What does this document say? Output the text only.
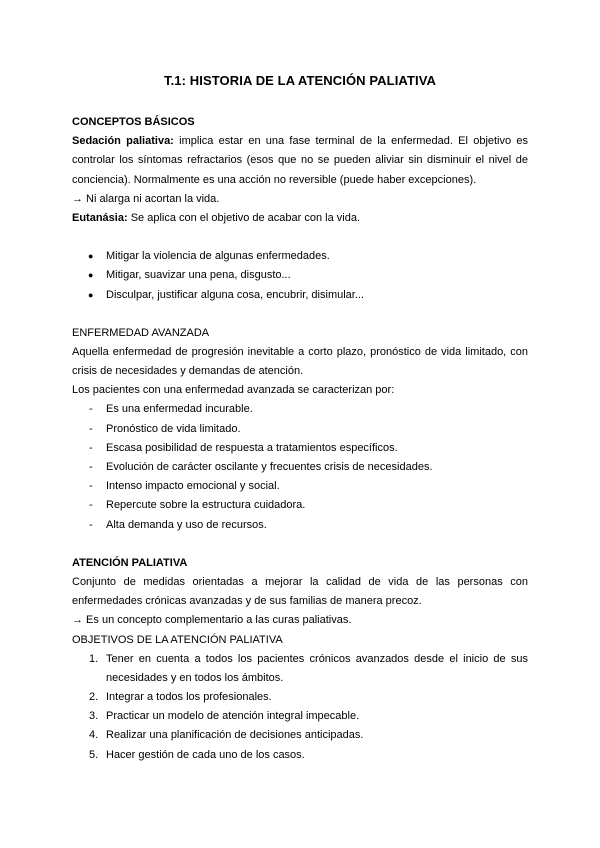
T.1: HISTORIA DE LA ATENCIÓN PALIATIVA
CONCEPTOS BÁSICOS
Sedación paliativa: implica estar en una fase terminal de la enfermedad. El objetivo es
controlar los síntomas refractarios (esos que no se pueden aliviar sin disminuir el nivel de
conciencia). Normalmente es una acción no reversible (puede haber excepciones).
→ Ni alarga ni acortan la vida.
Eutanásia: Se aplica con el objetivo de acabar con la vida.
● Mitigar la violencia de algunas enfermedades.
● Mitigar, suavizar una pena, disgusto...
● Disculpar, justificar alguna cosa, encubrir, disimular...
ENFERMEDAD AVANZADA
Aquella enfermedad de progresión inevitable a corto plazo, pronóstico de vida limitado, con
crisis de necesidades y demandas de atención.
Los pacientes con una enfermedad avanzada se caracterizan por:
- Es una enfermedad incurable.
- Pronóstico de vida limitado.
- Escasa posibilidad de respuesta a tratamientos específicos.
- Evolución de carácter oscilante y frecuentes crisis de necesidades.
- Intenso impacto emocional y social.
- Repercute sobre la estructura cuidadora.
- Alta demanda y uso de recursos.
ATENCIÓN PALIATIVA
Conjunto de medidas orientadas a mejorar la calidad de vida de las personas con
enfermedades crónicas avanzadas y de sus familias de manera precoz.
→ Es un concepto complementario a las curas paliativas.
OBJETIVOS DE LA ATENCIÓN PALIATIVA
1. Tener en cuenta a todos los pacientes crónicos avanzados desde el inicio de sus
necesidades y en todos los ámbitos.
2. Integrar a todos los profesionales.
3. Practicar un modelo de atención integral impecable.
4. Realizar una planificación de decisiones anticipadas.
5. Hacer gestión de cada uno de los casos.
